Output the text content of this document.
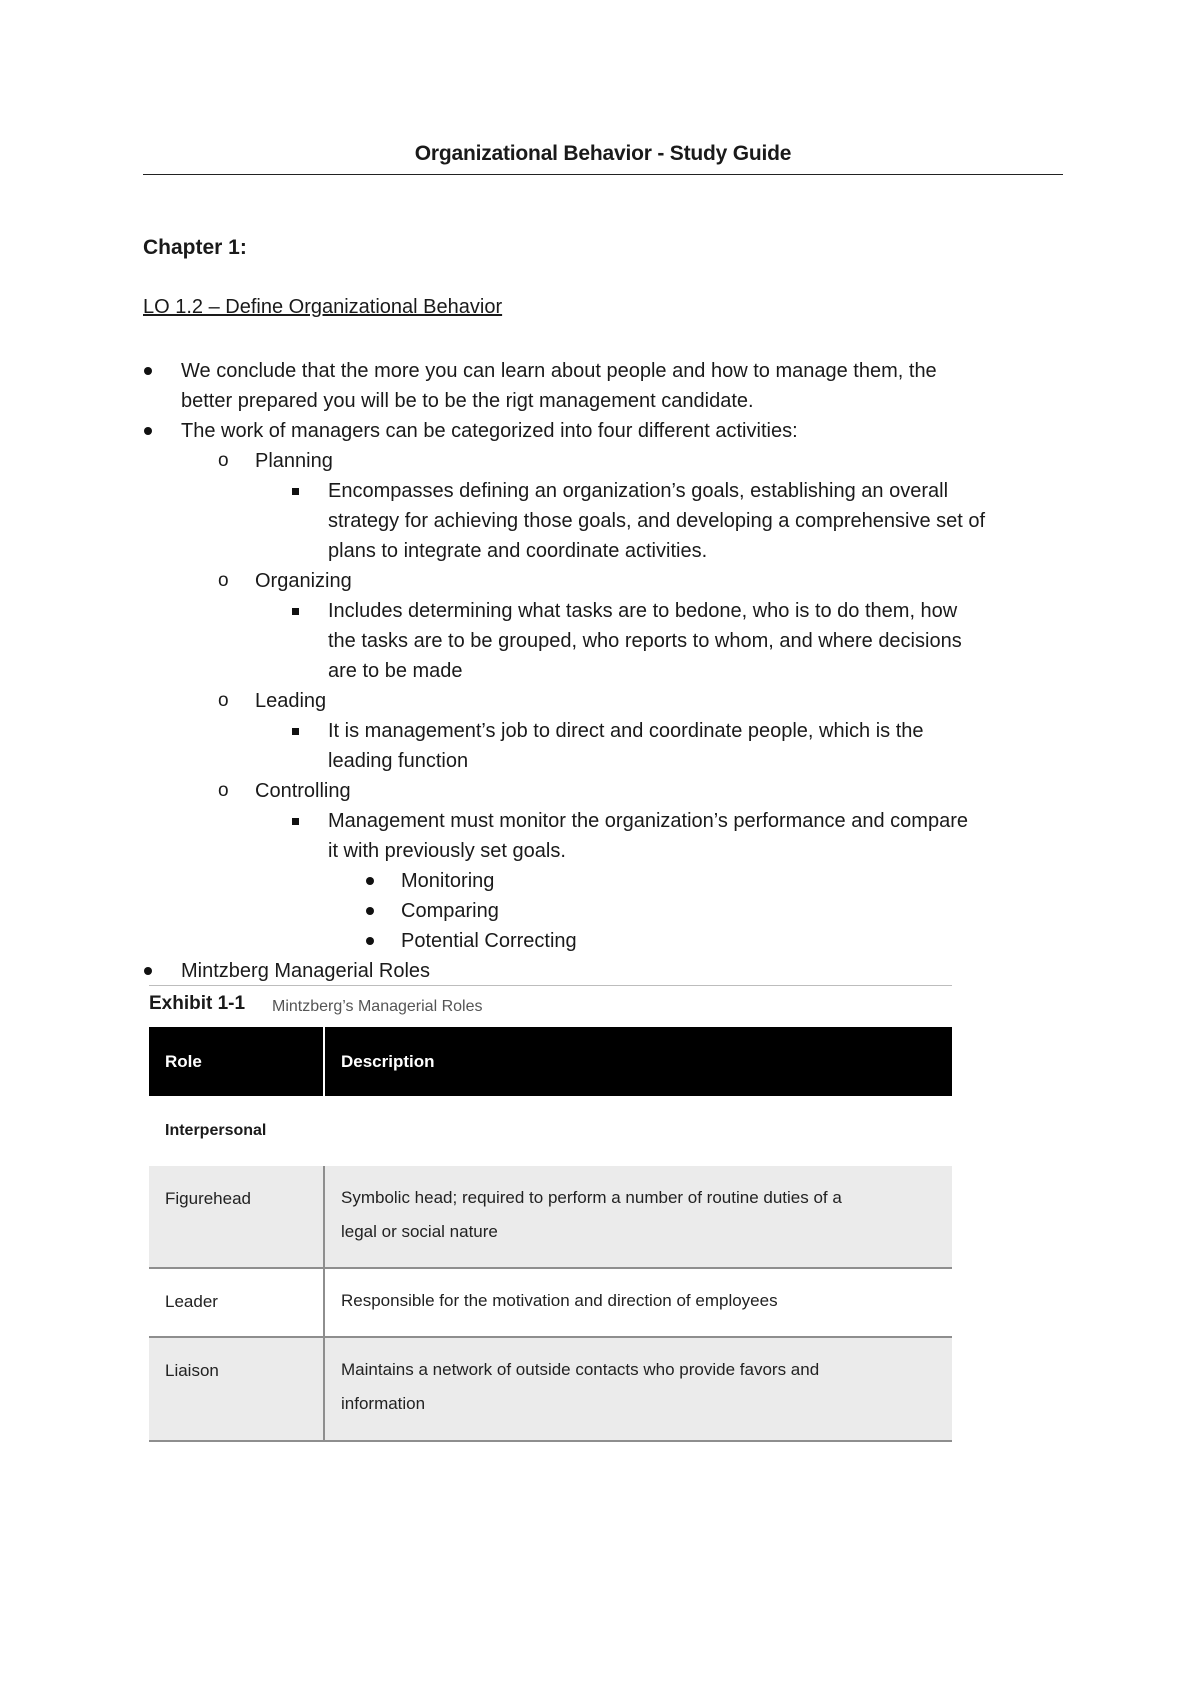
Organizational Behavior - Study Guide
Chapter 1:
LO 1.2 – Define Organizational Behavior
We conclude that the more you can learn about people and how to manage them, the
better prepared you will be to be the rigt management candidate.
The work of managers can be categorized into four different activities:
o Planning
Encompasses defining an organization’s goals, establishing an overall
strategy for achieving those goals, and developing a comprehensive set of
plans to integrate and coordinate activities.
o Organizing
Includes determining what tasks are to bedone, who is to do them, how
the tasks are to be grouped, who reports to whom, and where decisions
are to be made
o Leading
It is management’s job to direct and coordinate people, which is the
leading function
o Controlling
Management must monitor the organization’s performance and compare
it with previously set goals.
Monitoring
Comparing
Potential Correcting
Mintzberg Managerial Roles
Exhibit 1-1 Mintzberg’s Managerial Roles
Role	Description
Interpersonal
Figurehead	Symbolic head; required to perform a number of routine duties of a
legal or social nature
Leader	Responsible for the motivation and direction of employees
Liaison	Maintains a network of outside contacts who provide favors and
information
